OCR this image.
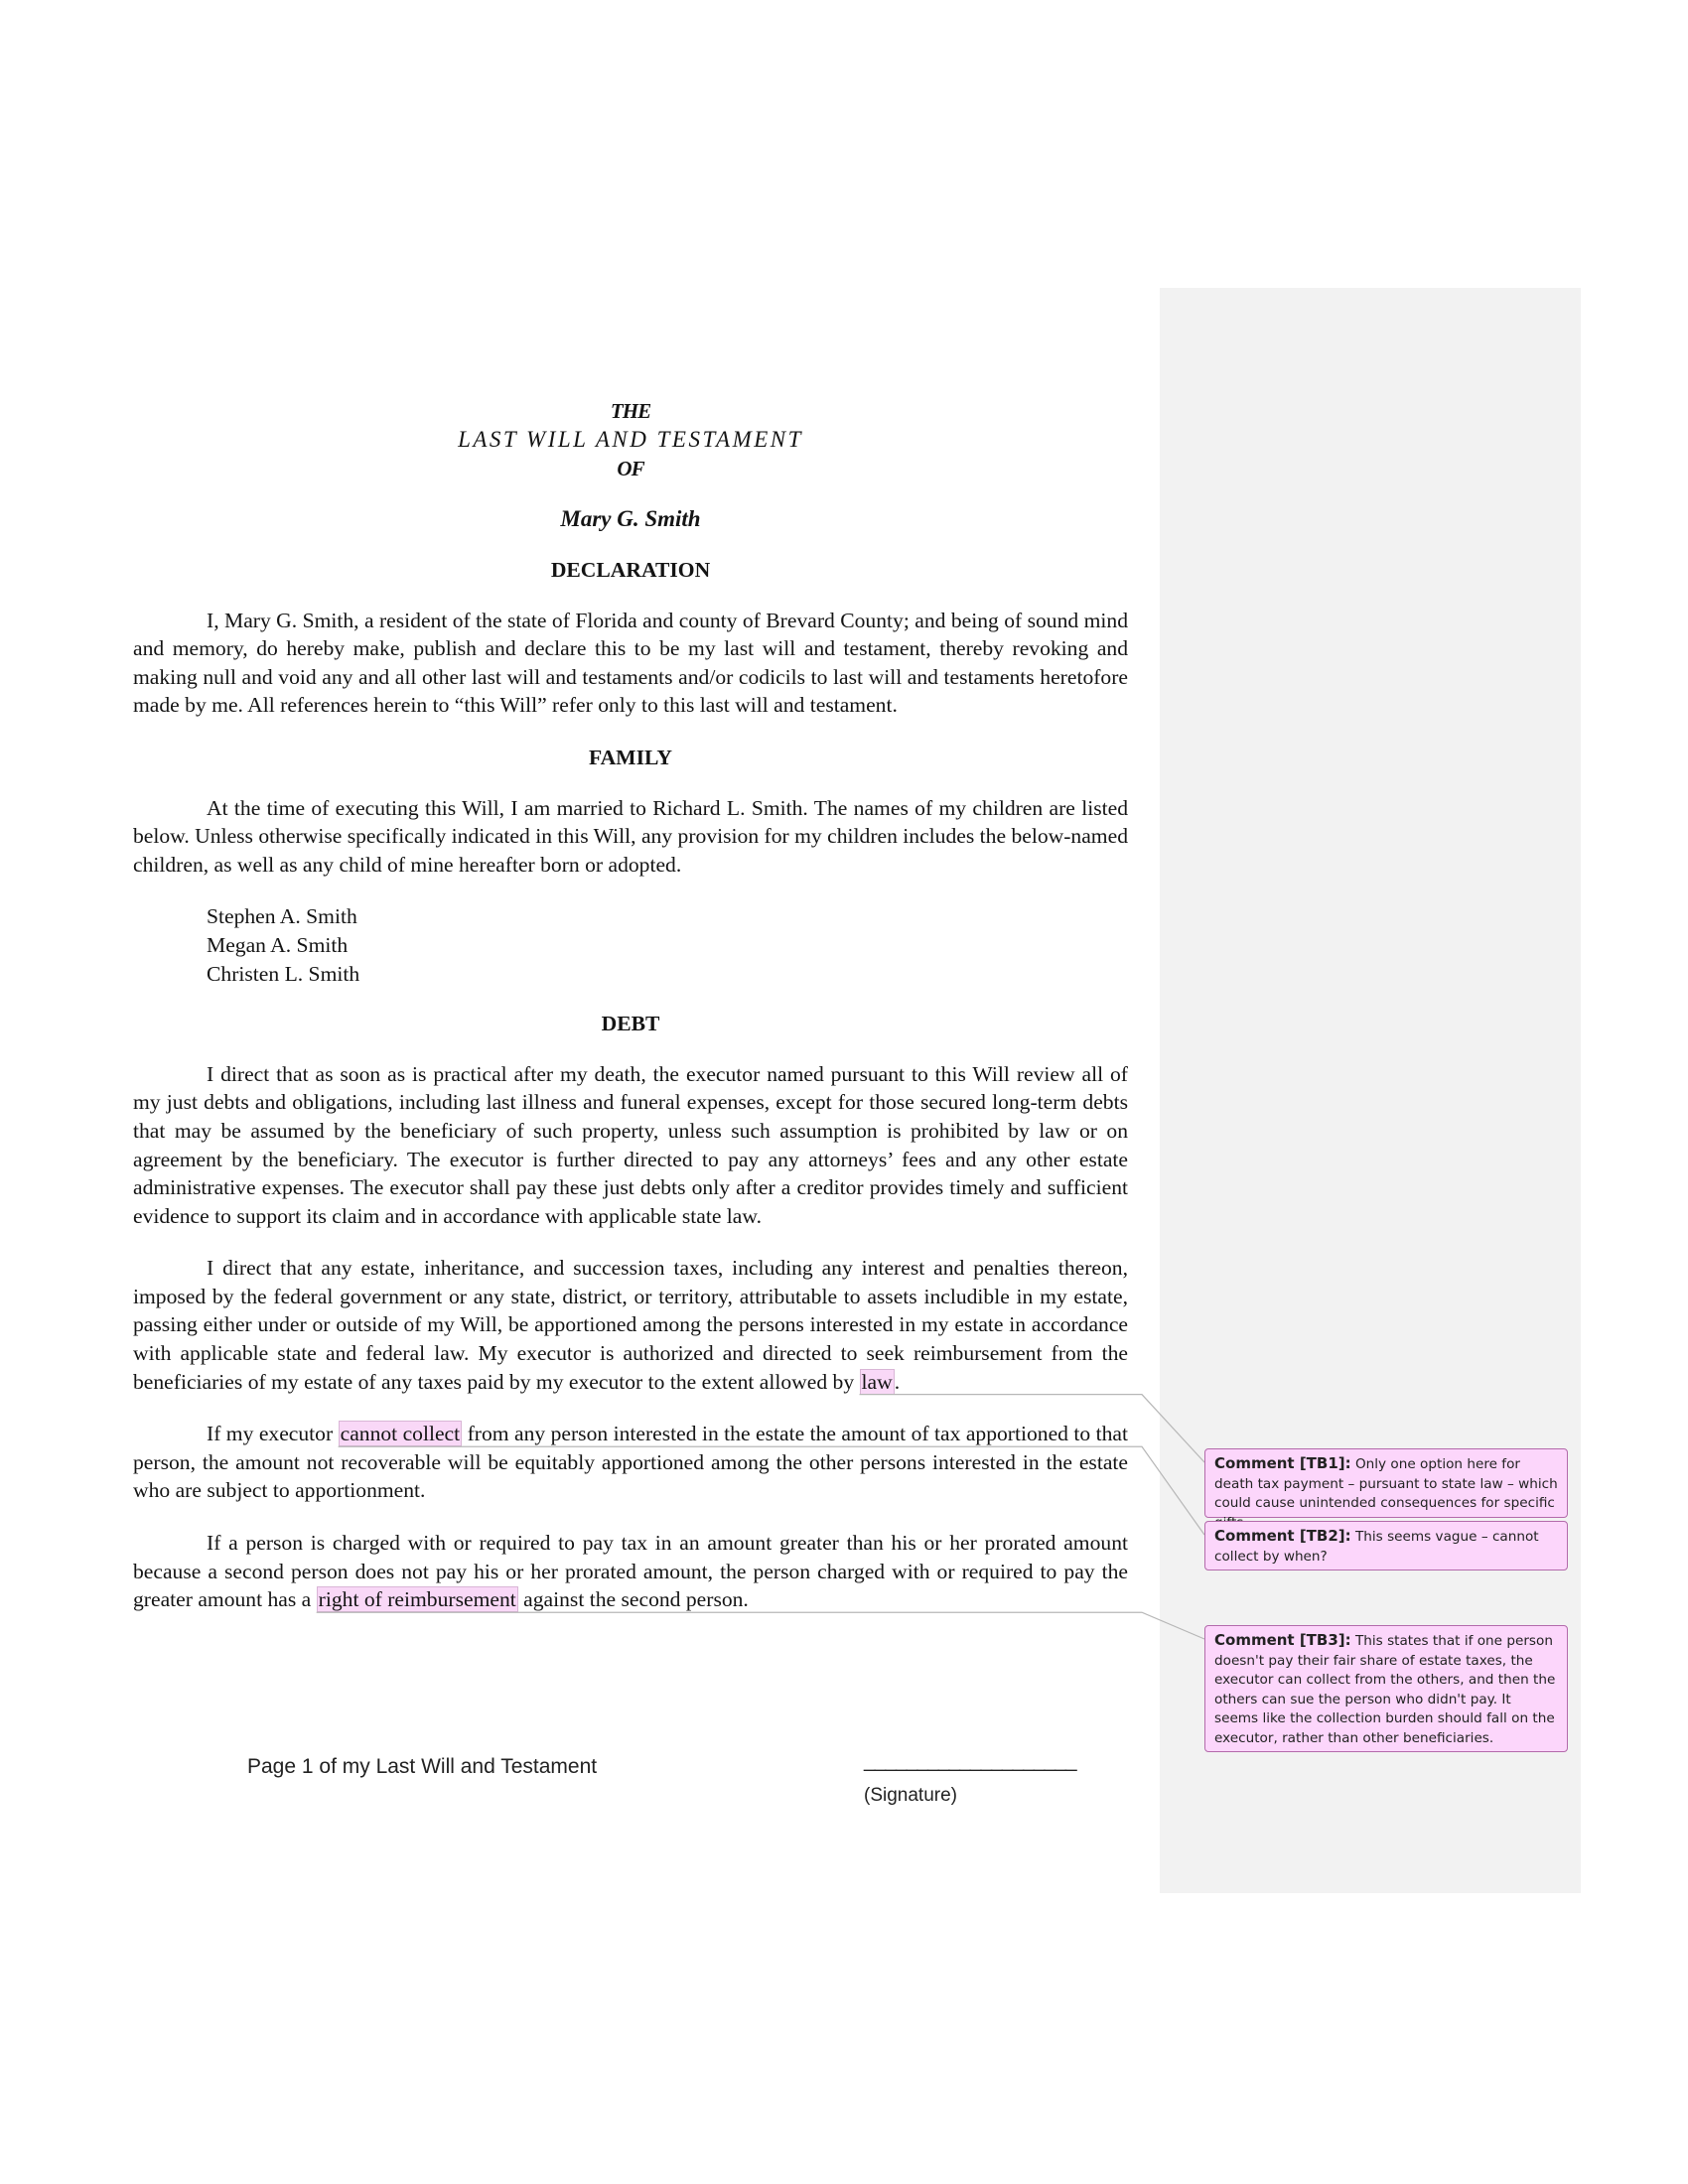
THE
LAST WILL AND TESTAMENT
OF
Mary G. Smith
DECLARATION

I, Mary G. Smith, a resident of the state of Florida and county of Brevard County; and being of sound mind and memory, do hereby make, publish and declare this to be my last will and testament, thereby revoking and making null and void any and all other last will and testaments and/or codicils to last will and testaments heretofore made by me. All references herein to “this Will” refer only to this last will and testament.

FAMILY

At the time of executing this Will, I am married to Richard L. Smith. The names of my children are listed below. Unless otherwise specifically indicated in this Will, any provision for my children includes the below-named children, as well as any child of mine hereafter born or adopted.

Stephen A. Smith
Megan A. Smith
Christen L. Smith
DEBT

I direct that as soon as is practical after my death, the executor named pursuant to this Will review all of my just debts and obligations, including last illness and funeral expenses, except for those secured long-term debts that may be assumed by the beneficiary of such property, unless such assumption is prohibited by law or on agreement by the beneficiary. The executor is further directed to pay any attorneys’ fees and any other estate administrative expenses. The executor shall pay these just debts only after a creditor provides timely and sufficient evidence to support its claim and in accordance with applicable state law.

I direct that any estate, inheritance, and succession taxes, including any interest and penalties thereon, imposed by the federal government or any state, district, or territory, attributable to assets includible in my estate, passing either under or outside of my Will, be apportioned among the persons interested in my estate in accordance with applicable state and federal law. My executor is authorized and directed to seek reimbursement from the beneficiaries of my estate of any taxes paid by my executor to the extent allowed by law.

If my executor cannot collect from any person interested in the estate the amount of tax apportioned to that person, the amount not recoverable will be equitably apportioned among the other persons interested in the estate who are subject to apportionment.

If a person is charged with or required to pay tax in an amount greater than his or her prorated amount because a second person does not pay his or her prorated amount, the person charged with or required to pay the greater amount has a right of reimbursement against the second person.

Page 1 of my Last Will and Testament	____________________
(Signature)
Comment [TB1]: Only one option here for death tax payment – pursuant to state law – which could cause unintended consequences for specific
Comment [TB2]: This seems vague – cannot collect by when?
Comment [TB3]: This states that if one person doesn't pay their fair share of estate taxes, the executor can collect from the others, and then the others can sue the person who didn't pay. It seems like the collection burden should fall on the executor, rather than other beneficiaries.
